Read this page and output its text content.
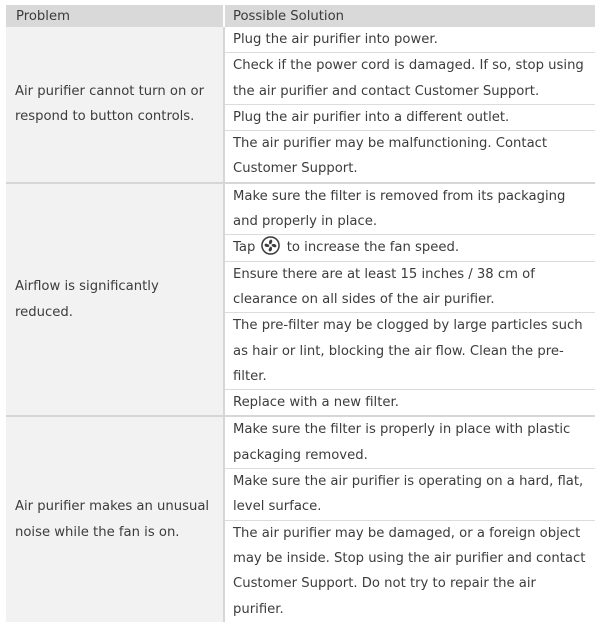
Problem	Possible Solution
Air purifier cannot turn on or respond to button controls.	Plug the air purifier into power.
	Check if the power cord is damaged. If so, stop using the air purifier and contact Customer Support.
	Plug the air purifier into a different outlet.
	The air purifier may be malfunctioning. Contact Customer Support.
Airflow is significantly reduced.	Make sure the filter is removed from its packaging and properly in place.
	Tap to increase the fan speed.
	Ensure there are at least 15 inches / 38 cm of clearance on all sides of the air purifier.
	The pre-filter may be clogged by large particles such as hair or lint, blocking the air flow. Clean the pre-filter.
	Replace with a new filter.
Air purifier makes an unusual noise while the fan is on.	Make sure the filter is properly in place with plastic packaging removed.
	Make sure the air purifier is operating on a hard, flat, level surface.
	The air purifier may be damaged, or a foreign object may be inside. Stop using the air purifier and contact   Customer Support. Do not try to repair the air purifier.
